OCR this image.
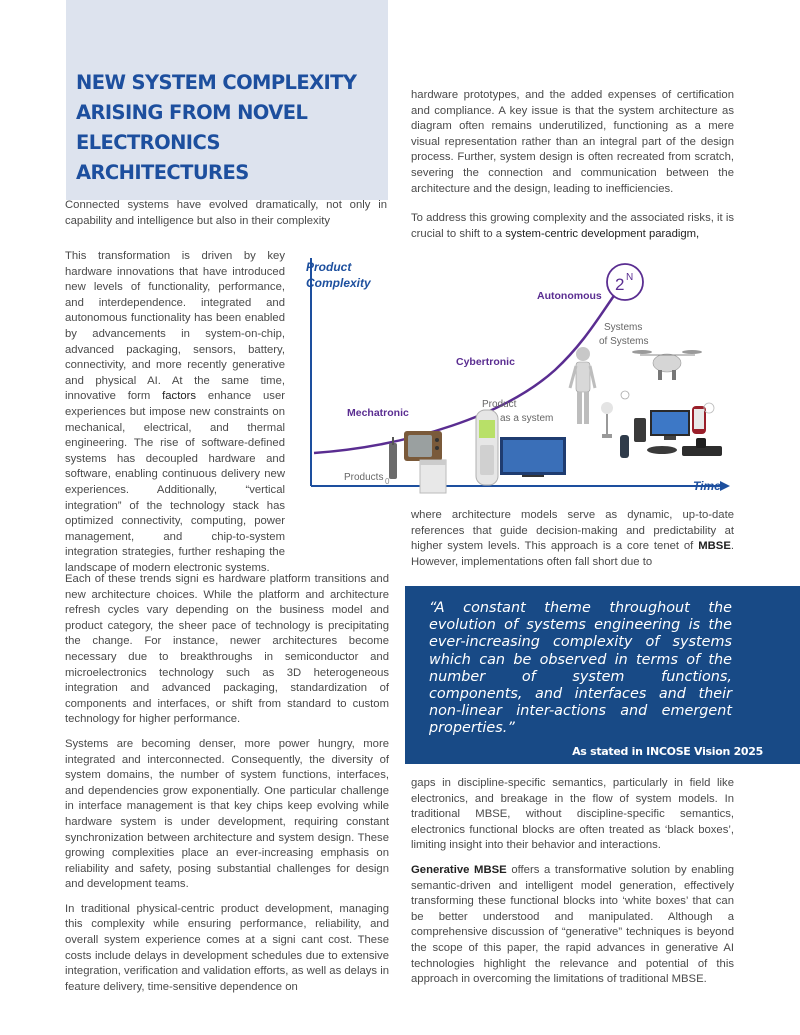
NEW SYSTEM COMPLEXITY ARISING FROM NOVEL ELECTRONICS ARCHITECTURES

Connected systems have evolved dramatically, not only in capability and intelligence but also in their complexity

This transformation is driven by key hardware innovations that have introduced new levels of functionality, performance, and interdependence. integrated and autonomous functionality has been enabled by advancements in system-on-chip, advanced packaging, sensors, battery, connectivity, and more recently generative and physical AI. At the same time, innovative form factors enhance user experiences but impose new constraints on mechanical, electrical, and thermal engineering. The rise of software-defined systems has decoupled hardware and software, enabling continuous delivery new experiences. Additionally, “vertical integration” of the technology stack has optimized connectivity, computing, power management, and chip-to-system integration strategies, further reshaping the landscape of modern electronic systems.

Each of these trends signi es hardware platform transitions and new architecture choices. While the platform and architecture refresh cycles vary depending on the business model and product category, the sheer pace of technology is precipitating the change. For instance, newer architectures become necessary due to breakthroughs in semiconductor and microelectronics technology such as 3D heterogeneous integration and advanced packaging, standardization of components and interfaces, or shift from standard to custom technology for higher performance.

Systems are becoming denser, more power hungry, more integrated and interconnected. Consequently, the diversity of system domains, the number of system functions, interfaces, and dependencies grow exponentially. One particular challenge in interface management is that key chips keep evolving while hardware system is under development, requiring constant synchronization between architecture and system design. These growing complexities place an ever-increasing emphasis on reliability and safety, posing substantial challenges for design and development teams.

In traditional physical-centric product development, managing this complexity while ensuring performance, reliability, and overall system experience comes at a signi cant cost. These costs include delays in development schedules due to extensive integration, verification and validation efforts, as well as delays in feature delivery, time-sensitive dependence on

hardware prototypes, and the added expenses of certification and compliance. A key issue is that the system architecture as diagram often remains underutilized, functioning as a mere visual representation rather than an integral part of the design process. Further, system design is often recreated from scratch, severing the connection and communication between the architecture and the design, leading to inefficiencies.

To address this growing complexity and the associated risks, it is crucial to shift to a system-centric development paradigm,

where architecture models serve as dynamic, up-to-date references that guide decision-making and predictability at higher system levels. This approach is a core tenet of MBSE. However, implementations often fall short due to

gaps in discipline-specific semantics, particularly in field like electronics, and breakage in the flow of system models. In traditional MBSE, without discipline-specific semantics, electronics functional blocks are often treated as ‘black boxes’, limiting insight into their behavior and interactions.

Generative MBSE offers a transformative solution by enabling semantic-driven and intelligent model generation, effectively transforming these functional blocks into ‘white boxes’ that can be better understood and manipulated. Although a comprehensive discussion of “generative” techniques is beyond the scope of this paper, the rapid advances in generative AI technologies highlight the relevance and potential of this approach in overcoming the limitations of traditional MBSE.

“A constant theme throughout the evolution of systems engineering is the ever-increasing complexity of systems which can be observed in terms of the number of system functions, components, and interfaces and their non-linear inter-actions and emergent properties.”

As stated in INCOSE Vision 2025
Product
Complexity
Time
2 N
Products 0
Mechatronic
Product
as a system
Cybertronic
Systems
of Systems
Autonomous
